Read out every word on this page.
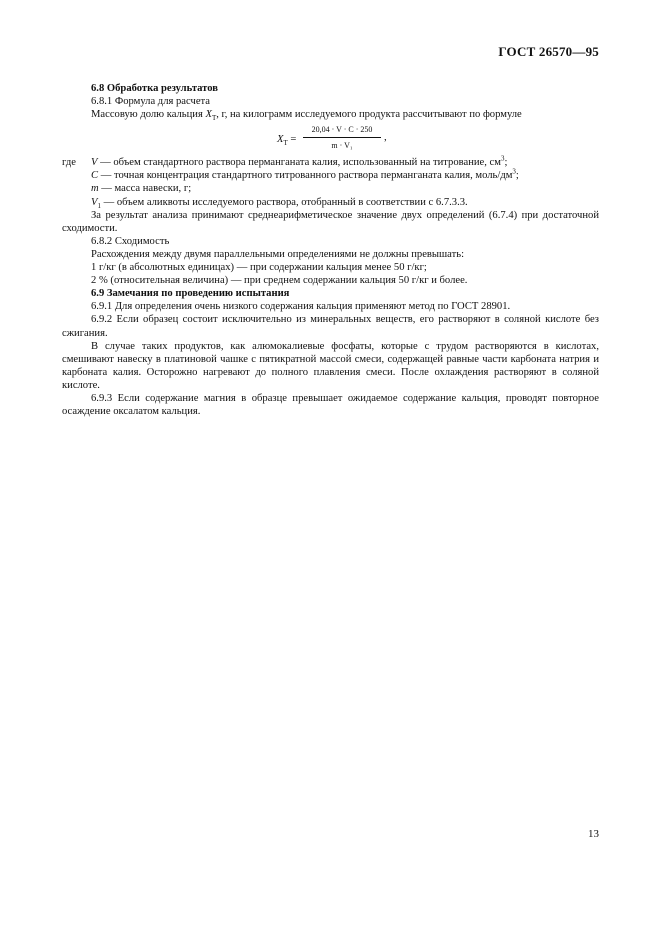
ГОСТ 26570—95

6.8 Обработка результатов

6.8.1 Формула для расчета

Массовую долю кальция $X_T$, г, на килограмм исследуемого продукта рассчитывают по формуле

$X_T = \frac{20,04 \cdot V \cdot C \cdot 250}{\text{m · V₁}}$ ,
где V — объем стандартного раствора перманганата калия, использованный на титрование, $см^3$;
C — точная концентрация стандартного титрованного раствора перманганата калия, моль/$дм^3$;
m — масса навески, г;
$V_1$ — объем аликвоты исследуемого раствора, отобранный в соответствии с 6.7.3.3.

За результат анализа принимают среднеарифметическое значение двух определений (6.7.4) при достаточной сходимости.

6.8.2 Сходимость

Расхождения между двумя параллельными определениями не должны превышать:

1 г/кг (в абсолютных единицах) — при содержании кальция менее 50 г/кг;

2 % (относительная величина) — при среднем содержании кальция 50 г/кг и более.

6.9 Замечания по проведению испытания

6.9.1 Для определения очень низкого содержания кальция применяют метод по ГОСТ 28901.

6.9.2 Если образец состоит исключительно из минеральных веществ, его растворяют в соляной кислоте без сжигания.

В случае таких продуктов, как алюмокалиевые фосфаты, которые с трудом растворяются в кислотах, смешивают навеску в платиновой чашке с пятикратной массой смеси, содержащей равные части карбоната натрия и карбоната калия. Осторожно нагревают до полного плавления смеси. После охлаждения растворяют в соляной кислоте.

6.9.3 Если содержание магния в образце превышает ожидаемое содержание кальция, проводят повторное осаждение оксалатом кальция.

13
